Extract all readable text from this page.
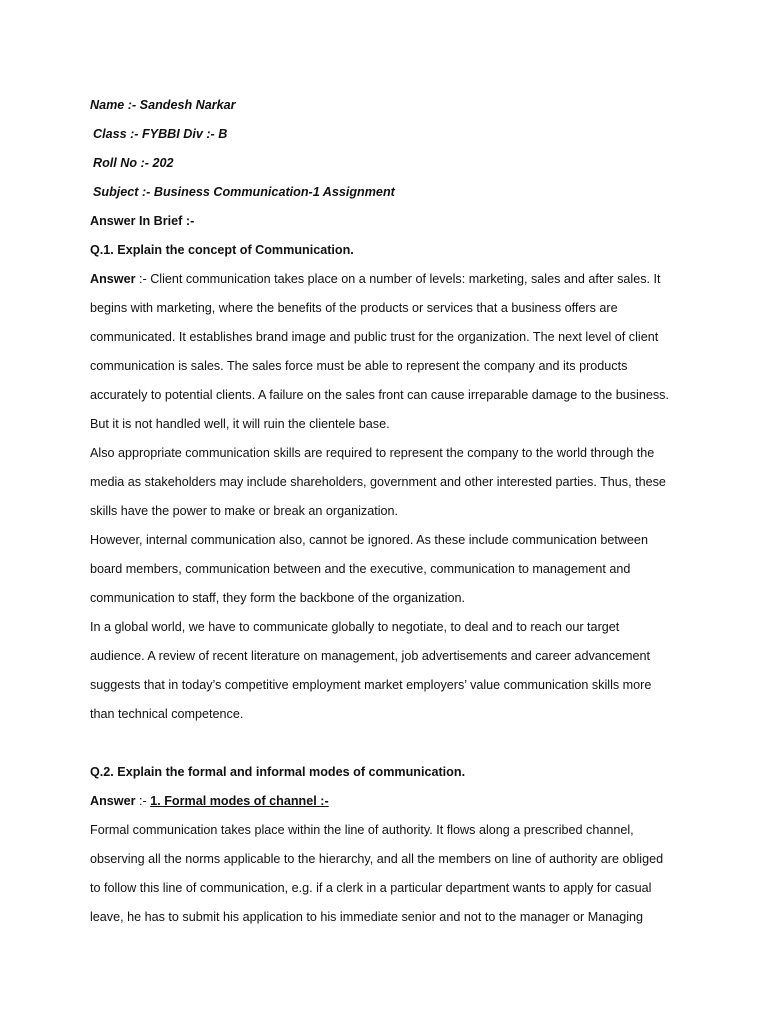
Name :- Sandesh Narkar
Class :- FYBBI Div :- B
Roll No :- 202
Subject :- Business Communication-1 Assignment
Answer In Brief :-
Q.1. Explain the concept of Communication.

Answer :- Client communication takes place on a number of levels: marketing, sales and after sales. It

begins with marketing, where the benefits of the products or services that a business offers are

communicated. It establishes brand image and public trust for the organization. The next level of client

communication is sales. The sales force must be able to represent the company and its products

accurately to potential clients. A failure on the sales front can cause irreparable damage to the business.

But it is not handled well, it will ruin the clientele base.

Also appropriate communication skills are required to represent the company to the world through the

media as stakeholders may include shareholders, government and other interested parties. Thus, these

skills have the power to make or break an organization.

However, internal communication also, cannot be ignored. As these include communication between

board members, communication between and the executive, communication to management and

communication to staff, they form the backbone of the organization.

In a global world, we have to communicate globally to negotiate, to deal and to reach our target

audience. A review of recent literature on management, job advertisements and career advancement

suggests that in today’s competitive employment market employers’ value communication skills more

than technical competence.

Q.2. Explain the formal and informal modes of communication.

Answer :- 1. Formal modes of channel :-

Formal communication takes place within the line of authority. It flows along a prescribed channel,

observing all the norms applicable to the hierarchy, and all the members on line of authority are obliged

to follow this line of communication, e.g. if a clerk in a particular department wants to apply for casual

leave, he has to submit his application to his immediate senior and not to the manager or Managing
